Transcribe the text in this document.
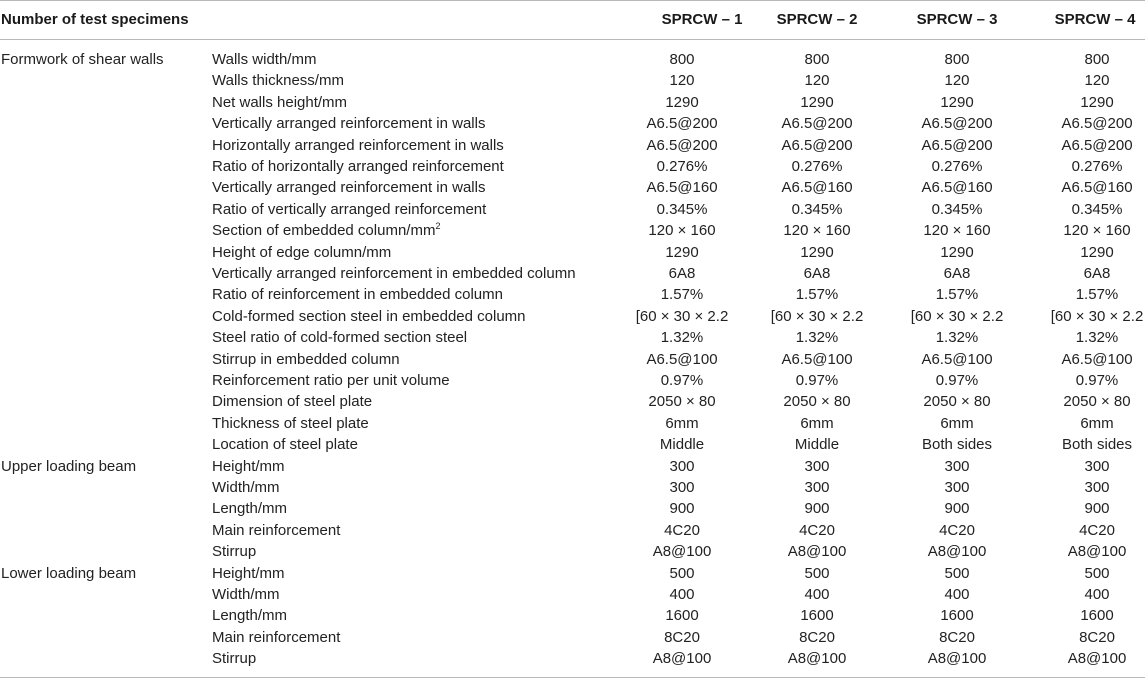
Number of test specimens	SPRCW – 1	SPRCW – 2	SPRCW – 3	SPRCW – 4
Formwork of shear walls	Walls width/mm	800	800	800	800
Walls thickness/mm	120	120	120	120
Net walls height/mm	1290	1290	1290	1290
Vertically arranged reinforcement in walls	A6.5@200	A6.5@200	A6.5@200	A6.5@200
Horizontally arranged reinforcement in walls	A6.5@200	A6.5@200	A6.5@200	A6.5@200
Ratio of horizontally arranged reinforcement	0.276%	0.276%	0.276%	0.276%
Vertically arranged reinforcement in walls	A6.5@160	A6.5@160	A6.5@160	A6.5@160
Ratio of vertically arranged reinforcement	0.345%	0.345%	0.345%	0.345%
Section of embedded column/$mm^2$	120 × 160	120 × 160	120 × 160	120 × 160
Height of edge column/mm	1290	1290	1290	1290
Vertically arranged reinforcement in embedded column	6A8	6A8	6A8	6A8
Ratio of reinforcement in embedded column	1.57%	1.57%	1.57%	1.57%
Cold-formed section steel in embedded column	[60 × 30 × 2.2	[60 × 30 × 2.2	[60 × 30 × 2.2	[60 × 30 × 2.2
Steel ratio of cold-formed section steel	1.32%	1.32%	1.32%	1.32%
Stirrup in embedded column	A6.5@100	A6.5@100	A6.5@100	A6.5@100
Reinforcement ratio per unit volume	0.97%	0.97%	0.97%	0.97%
Dimension of steel plate	2050 × 80	2050 × 80	2050 × 80	2050 × 80
Thickness of steel plate	6mm	6mm	6mm	6mm
Location of steel plate	Middle	Middle	Both sides	Both sides
Upper loading beam	Height/mm	300	300	300	300
Width/mm	300	300	300	300
Length/mm	900	900	900	900
Main reinforcement	4C20	4C20	4C20	4C20
Stirrup	A8@100	A8@100	A8@100	A8@100
Lower loading beam	Height/mm	500	500	500	500
Width/mm	400	400	400	400
Length/mm	1600	1600	1600	1600
Main reinforcement	8C20	8C20	8C20	8C20
Stirrup	A8@100	A8@100	A8@100	A8@100
